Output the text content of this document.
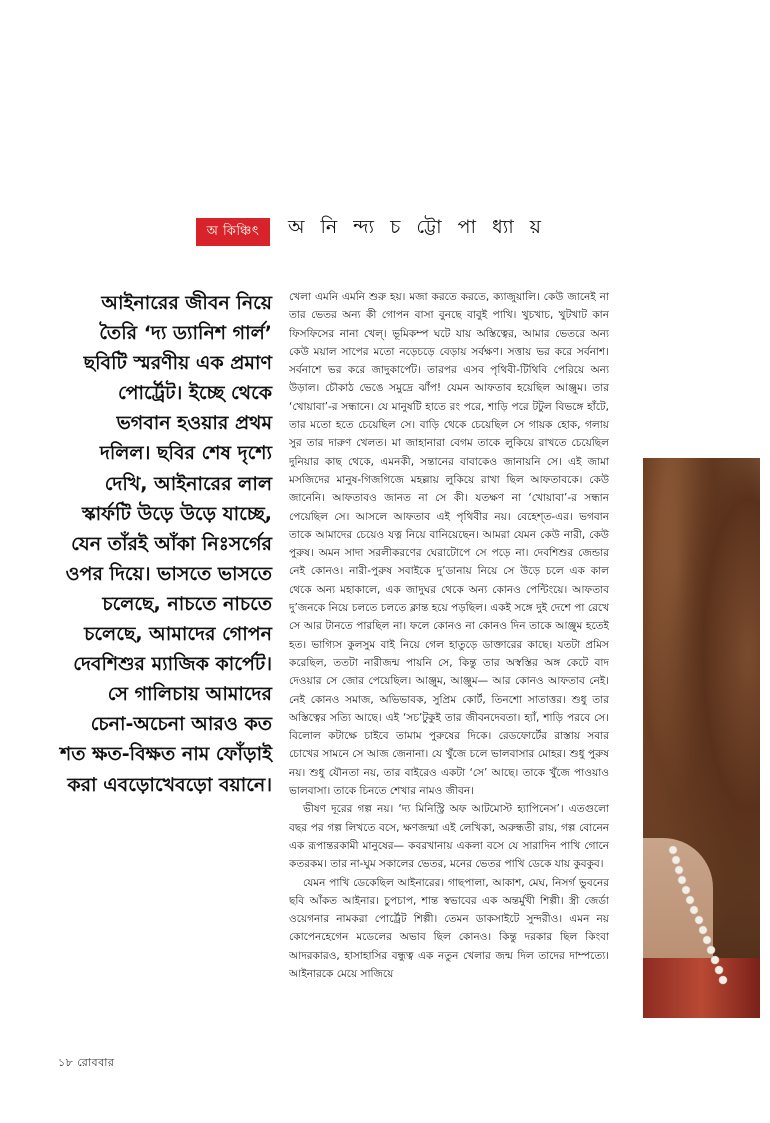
অ কিঞ্চিৎ	অ নি ন্দ্য চ ট্টো পা ধ্যা য়
আইনারের জীবন নিয়ে তৈরি ‘দ্য ড্যানিশ গার্ল’ ছবিটি স্মরণীয় এক প্রমাণ পোর্ট্রেট। ইচ্ছে থেকে ভগবান হওয়ার প্রথম দলিল। ছবির শেষ দৃশ্যে দেখি, আইনারের লাল স্কার্ফটি উড়ে উড়ে যাচ্ছে, যেন তাঁরই আঁকা নিঃসর্গের ওপর দিয়ে। ভাসতে ভাসতে চলেছে, নাচতে নাচতে চলেছে, আমাদের গোপন দেবশিশুর ম্যাজিক কার্পেট। সে গালিচায় আমাদের চেনা-অচেনা আরও কত শত ক্ষত-বিক্ষত নাম ফোঁড়াই করা এবড়োখেবড়ো বয়ানে।

খেলা এমনি এমনি শুরু হয়। মজা করতে করতে, ক্যাজুয়ালি। কেউ জানেই না তার ভেতর অন্য কী গোপন বাসা বুনছে বাবুই পাখি। খুচখাচ, খুটখাট কান ফিসফিসের নানা খেল্‌। ভূমিকম্প ঘটে যায় অস্তিত্বের, আমার ভেতরে অন্য কেউ ময়াল সাপের মতো নড়েচড়ে বেড়ায় সর্বক্ষণ। সত্তায় ভর করে সর্বনাশ। সর্বনাশে ভর করে জাদুকার্পেট। তারপর এসব পৃথিবী-টিথিবি পেরিয়ে অন্য উড়াল। চৌকাঠ ভেঙে সমুদ্রে ঝাঁপ! যেমন আফতাব হয়েছিল আঞ্জুম। তার ‘খোয়াবা’-র সন্ধানে। যে মানুষটি হাতে রং পরে, শাড়ি পরে টটুল বিভঙ্গে হাঁটে, তার মতো হতে চেয়েছিল সে। বাড়ি থেকে চেয়েছিল সে গায়ক হোক, গলায় সুর তার দারুণ খেলত। মা জাহানারা বেগম তাকে লুকিয়ে রাখতে চেয়েছিল দুনিয়ার কাছ থেকে, এমনকী, সন্তানের বাবাকেও জানায়নি সে। এই জামা মসজিদের মানুষ-গিজগিজে মহল্লায় লুকিয়ে রাখা ছিল আফতাবকে। কেউ জানেনি। আফতাবও জানত না সে কী। যতক্ষণ না ‘খোয়াবা’-র সন্ধান পেয়েছিল সে। আসলে আফতাব এই পৃথিবীর নয়। বেহেশ্‌ত-এর। ভগবান তাকে আমাদের চেয়েও যত্ন নিয়ে বানিয়েছেন। আমরা যেমন কেউ নারী, কেউ পুরুষ। অমন সাদা সরলীকরণের ঘেরাটোপে সে পড়ে না। দেবশিশুর জেন্ডার নেই কোনও। নারী-পুরুষ সবাইকে দু’ডানায় নিয়ে সে উড়ে চলে এক কাল থেকে অন্য মহাকালে, এক জাদুঘর থেকে অন্য কোনও পেন্টিংয়ে। আফতাব দু’জনকে নিয়ে চলতে চলতে ক্লান্ত হয়ে পড়ছিল। একই সঙ্গে দুই দেশে পা রেখে সে আর টানতে পারছিল না। ফলে কোনও না কোনও দিন তাকে আঞ্জুম হতেই হত। ভাগ্যিস কুলসুম বাই নিয়ে গেল হাতুড়ে ডাক্তারের কাছে। যতটা প্রমিস করেছিল, ততটা নারীজন্ম পায়নি সে, কিন্তু তার অস্বস্তির অঙ্গ কেটে বাদ দেওয়ার সে জোর পেয়েছিল। আঞ্জুম, আঞ্জুম— আর কোনও আফতাব নেই। নেই কোনও সমাজ, অভিভাবক, সুপ্রিম কোর্ট, তিনশো সাতাত্তর। শুধু তার অস্তিত্বের সত্যি আছে। এই ‘সচ’টুকুই তার জীবনদেবতা। হ্যাঁ, শাড়ি পরবে সে। বিলোল কটাক্ষে চাইবে তামাম পুরুষের দিকে। রেডফোর্টের রাস্তায় সবার চোখের সামনে সে আজ জেনানা। যে খুঁজে চলে ভালবাসার মোহর। শুধু পুরুষ নয়। শুধু যৌনতা নয়, তার বাইরেও একটা ‘সে’ আছে। তাকে খুঁজে পাওয়াও ভালবাসা। তাকে চিনতে শেখার নামও জীবন।

ভীষণ দূরের গল্প নয়। ‘দ্য মিনিস্ট্রি অফ আটমোস্ট হ্যাপিনেস’। এতগুলো বছর পর গল্প লিখতে বসে, ক্ষণজন্মা এই লেখিকা, অরুন্ধতী রায়, গল্প বোনেন এক রূপান্তরকামী মানুষের— কবরখানায় একলা বসে যে সারাদিন পাখি গোনে কতরকম। তার না-ঘুম সকালের ভেতর, মনের ভেতর পাখি ডেকে যায় কুবকুব।

যেমন পাখি ডেকেছিল আইনারের। গাছপালা, আকাশ, মেঘ, নিসর্গ ভুবনের ছবি আঁকত আইনার। চুপচাপ, শান্ত স্বভাবের এক অন্তর্মুখী শিল্পী। স্ত্রী জের্ডা ওয়েগনার নামকরা পোর্ট্রেট শিল্পী। তেমন ডাকসাইটে সুন্দরীও। এমন নয় কোপেনহেগেন মডেলের অভাব ছিল কোনও। কিন্তু দরকার ছিল কিংবা আদরকারও, হাসাহাসির বন্ধুত্ব এক নতুন খেলার জন্ম দিল তাদের দাম্পত্যে। আইনারকে মেয়ে সাজিয়ে

১৮ রোববার
